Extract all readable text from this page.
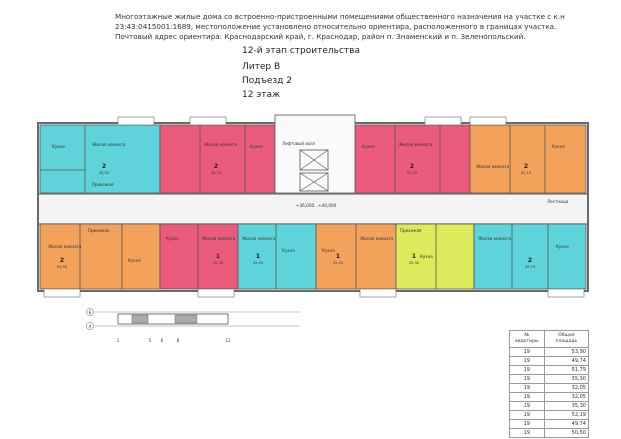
Многоэтажные жилые дома со встроенно-пристроенными помещениями общественного назначения на участке с к.н
23:43:0415001:1689, местоположение установлено относительно ориентира, расположенного в границах участка.
Почтовый адрес ориентира: Краснодарский край, г. Краснодар, район п. Знаменский и п. Зеленопольский.
12-й этап строительства
Литер В
Подъезд 2
12 этаж
Лифтовый холл
+36,000...+40,000
Лестница
Кухня	Жилая комната
Прихожая
Жилая комната	Кухня	Кухня	Жилая комната
Жилая комната
Кухня
Жилая комната
Прихожая
Кухня
Кухня	Жилая комната Жилая комната
Кухня	Кухня
Жилая комната
Прихожая
Кухня
Жилая комната
Кухня
2
2	2
1	1	1	1
2
2
2
53,90
49,74	51,79
35,30	32,05	32,05	35,30
52,19
49,74
50,50
Б
А
1	5 6	8	12
№ квартиры	Общая площадь
19	53,90
19	49,74
19	51,79
19	35,30
19	32,05
19	32,05
19	35,30
19	52,19
19	49,74
19	50,50
